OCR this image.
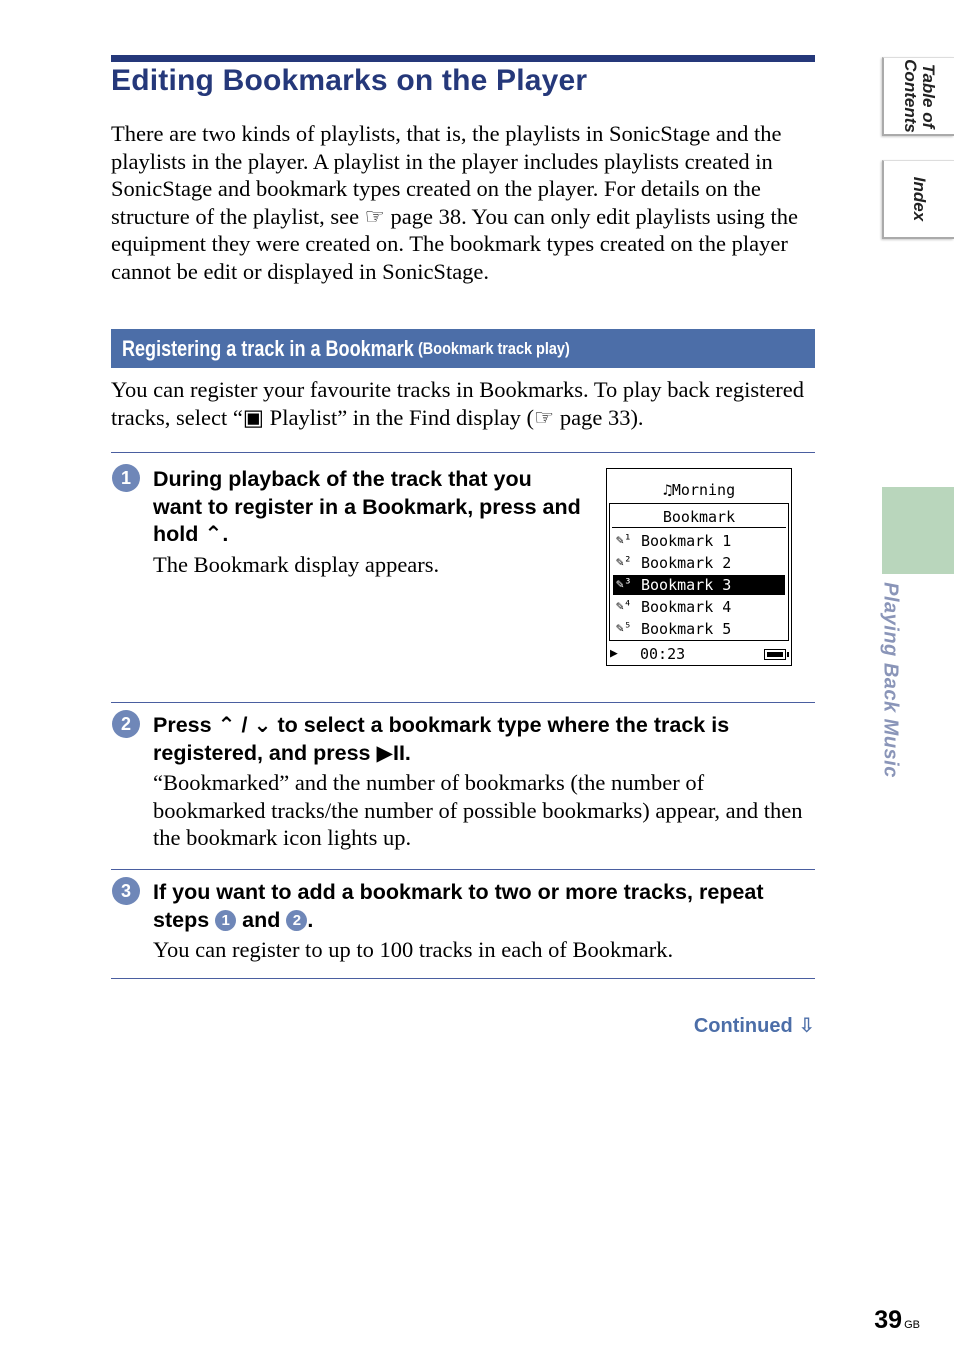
Editing Bookmarks on the Player

There are two kinds of playlists, that is, the playlists in SonicStage and the playlists in the player. A playlist in the player includes playlists created in SonicStage and bookmark types created on the player. For details on the structure of the playlist, see ☞ page 38. You can only edit playlists using the equipment they were created on. The bookmark types created on the player cannot be edit or displayed in SonicStage.

Registering a track in a Bookmark (Bookmark track play)

You can register your favourite tracks in Bookmarks. To play back registered tracks, select “▣ Playlist” in the Find display (☞ page 33).

1	During playback of the track that you want to register in a Bookmark, press and hold ⌃.

The Bookmark display appears.

♫Morning
Bookmark
✎¹ Bookmark 1
✎² Bookmark 2
✎³ Bookmark 3
✎⁴ Bookmark 4
✎⁵ Bookmark 5
▶ 00:23
2	Press ⌃ / ⌄ to select a bookmark type where the track is registered, and press ▶II.

“Bookmarked” and the number of bookmarks (the number of bookmarked tracks/the number of possible bookmarks) appear, and then the bookmark icon lights up.

3	If you want to add a bookmark to two or more tracks, repeat steps 1 and 2 .

You can register to up to 100 tracks in each of Bookmark.

Continued ⇩
Table of Contents
Index
Playing Back Music
39 GB
